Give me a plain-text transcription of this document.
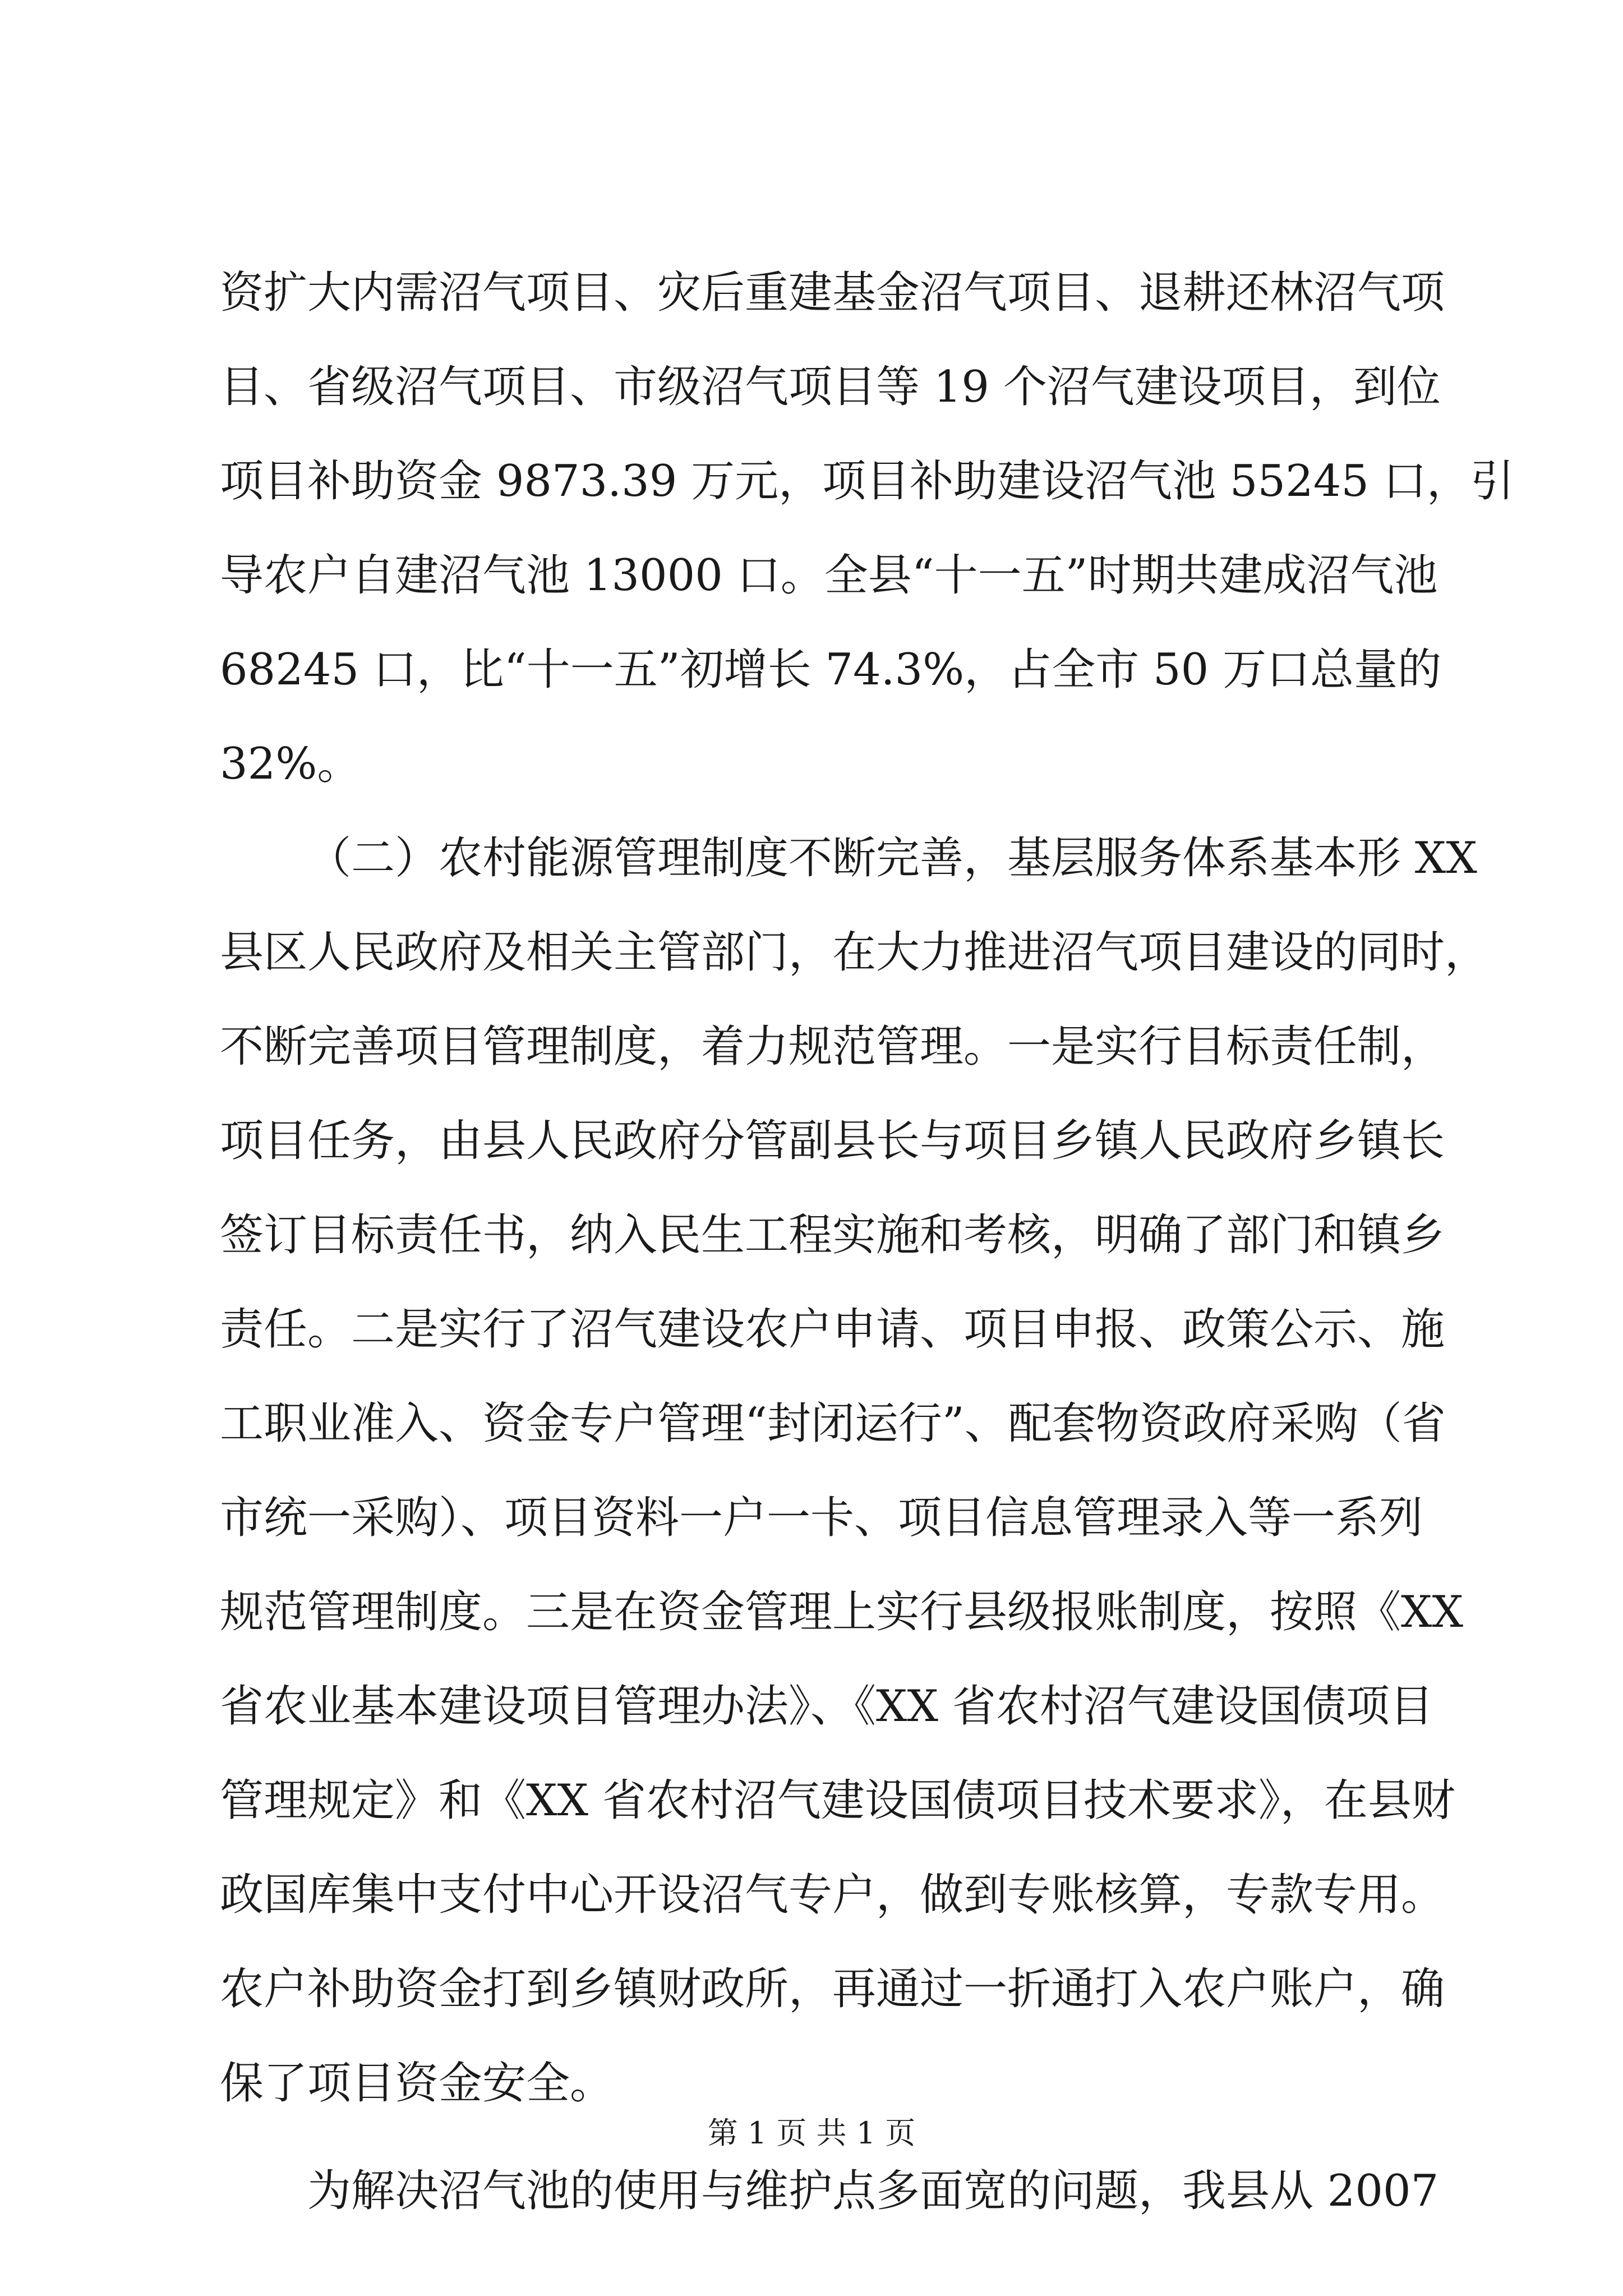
资扩大内需沼气项目、灾后重建基金沼气项目、退耕还林沼气项
目、省级沼气项目、市级沼气项目等 19 个沼气建设项目，到位
项目补助资金 9873.39 万元，项目补助建设沼气池 55245 口，引
导农户自建沼气池 13000 口。全县“十一五”时期共建成沼气池
68245 口，比“十一五”初增长 74.3%，占全市 50 万口总量的
32%。

（二）农村能源管理制度不断完善，基层服务体系基本形 XX
县区人民政府及相关主管部门，在大力推进沼气项目建设的同时，
不断完善项目管理制度，着力规范管理。一是实行目标责任制，
项目任务，由县人民政府分管副县长与项目乡镇人民政府乡镇长
签订目标责任书，纳入民生工程实施和考核，明确了部门和镇乡
责任。二是实行了沼气建设农户申请、项目申报、政策公示、施
工职业准入、资金专户管理“封闭运行”、配套物资政府采购（省
市统一采购）、项目资料一户一卡、项目信息管理录入等一系列
规范管理制度。三是在资金管理上实行县级报账制度，按照《XX
省农业基本建设项目管理办法》、《XX 省农村沼气建设国债项目
管理规定》和《XX 省农村沼气建设国债项目技术要求》，在县财
政国库集中支付中心开设沼气专户，做到专账核算，专款专用。
农户补助资金打到乡镇财政所，再通过一折通打入农户账户，确
保了项目资金安全。

为解决沼气池的使用与维护点多面宽的问题，我县从 2007

第 1 页 共 1 页
